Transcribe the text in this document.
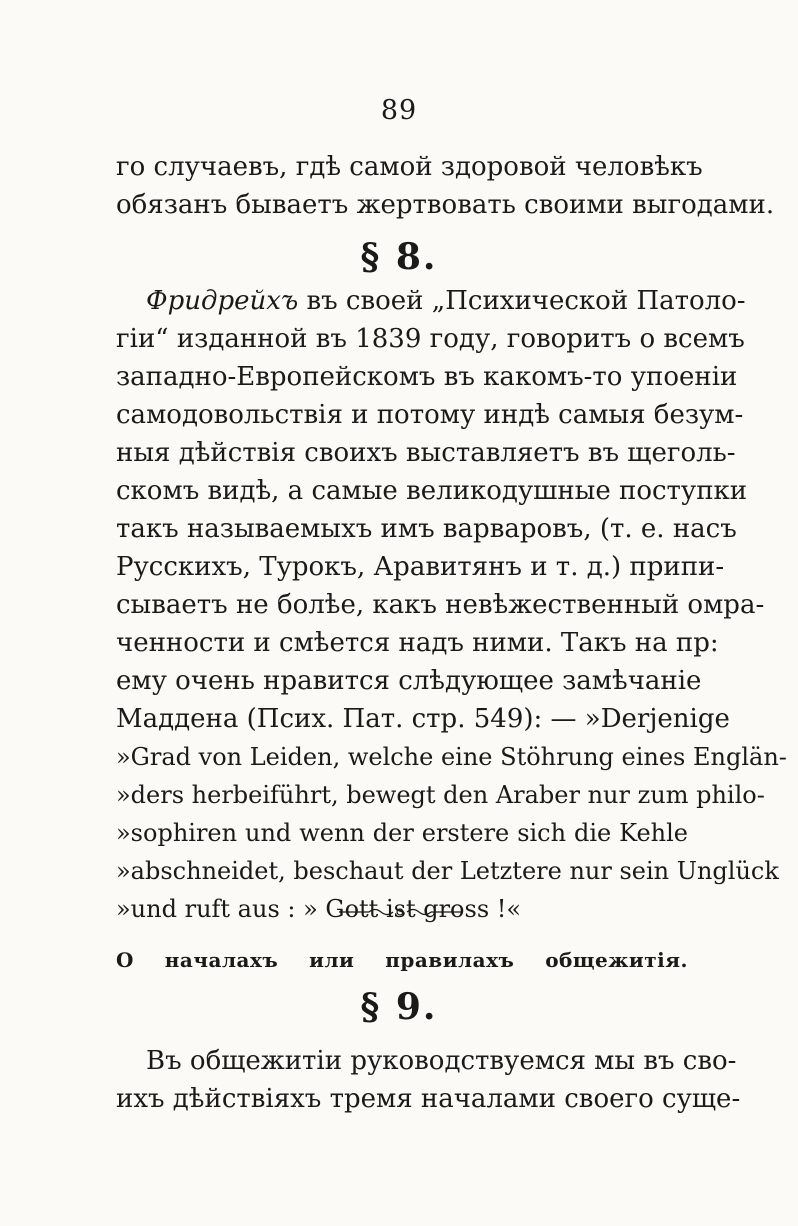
89
го случаевъ, гдѣ самой здоровой человѣкъ
обязанъ бываетъ жертвовать своими выгодами.
§ 8.
Фридрейхъ въ своей „Психической Патоло-
гіи“ изданной въ 1839 году, говоритъ о всемъ
западно-Европейскомъ въ какомъ-то упоеніи
самодовольствія и потому индѣ самыя безум-
ныя дѣйствія своихъ выставляетъ въ щеголь-
скомъ видѣ, а самые великодушные поступки
такъ называемыхъ имъ варваровъ, (т. е. насъ
Русскихъ, Турокъ, Аравитянъ и т. д.) припи-
сываетъ не болѣе, какъ невѣжественный омра-
ченности и смѣется надъ ними. Такъ на пр:
ему очень нравится слѣдующее замѣчаніе
Маддена (Псих. Пат. стр. 549): — »Derjenige
»Grad von Leiden, welche eine Stöhrung eines Englän-
»ders herbeiführt, bewegt den Araber nur zum philo-
»sophiren und wenn der erstere sich die Kehle
»abschneidet, beschaut der Letztere nur sein Unglück
»und ruft aus : » Gott ist gross !«
О началахъ или правилахъ общежитія.
§ 9.
Въ общежитіи руководствуемся мы въ сво-
ихъ дѣйствіяхъ тремя началами своего суще-
